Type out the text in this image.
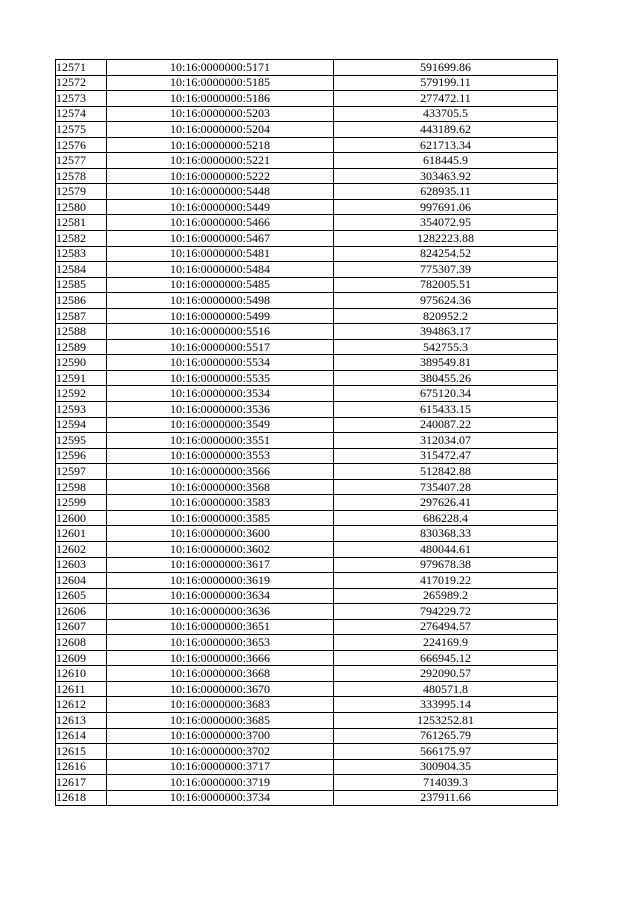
12571	10:16:0000000:5171	591699.86
12572	10:16:0000000:5185	579199.11
12573	10:16:0000000:5186	277472.11
12574	10:16:0000000:5203	433705.5
12575	10:16:0000000:5204	443189.62
12576	10:16:0000000:5218	621713.34
12577	10:16:0000000:5221	618445.9
12578	10:16:0000000:5222	303463.92
12579	10:16:0000000:5448	628935.11
12580	10:16:0000000:5449	997691.06
12581	10:16:0000000:5466	354072.95
12582	10:16:0000000:5467	1282223.88
12583	10:16:0000000:5481	824254.52
12584	10:16:0000000:5484	775307.39
12585	10:16:0000000:5485	782005.51
12586	10:16:0000000:5498	975624.36
12587	10:16:0000000:5499	820952.2
12588	10:16:0000000:5516	394863.17
12589	10:16:0000000:5517	542755.3
12590	10:16:0000000:5534	389549.81
12591	10:16:0000000:5535	380455.26
12592	10:16:0000000:3534	675120.34
12593	10:16:0000000:3536	615433.15
12594	10:16:0000000:3549	240087.22
12595	10:16:0000000:3551	312034.07
12596	10:16:0000000:3553	315472.47
12597	10:16:0000000:3566	512842.88
12598	10:16:0000000:3568	735407.28
12599	10:16:0000000:3583	297626.41
12600	10:16:0000000:3585	686228.4
12601	10:16:0000000:3600	830368.33
12602	10:16:0000000:3602	480044.61
12603	10:16:0000000:3617	979678.38
12604	10:16:0000000:3619	417019.22
12605	10:16:0000000:3634	265989.2
12606	10:16:0000000:3636	794229.72
12607	10:16:0000000:3651	276494.57
12608	10:16:0000000:3653	224169.9
12609	10:16:0000000:3666	666945.12
12610	10:16:0000000:3668	292090.57
12611	10:16:0000000:3670	480571.8
12612	10:16:0000000:3683	333995.14
12613	10:16:0000000:3685	1253252.81
12614	10:16:0000000:3700	761265.79
12615	10:16:0000000:3702	566175.97
12616	10:16:0000000:3717	300904.35
12617	10:16:0000000:3719	714039.3
12618	10:16:0000000:3734	237911.66
